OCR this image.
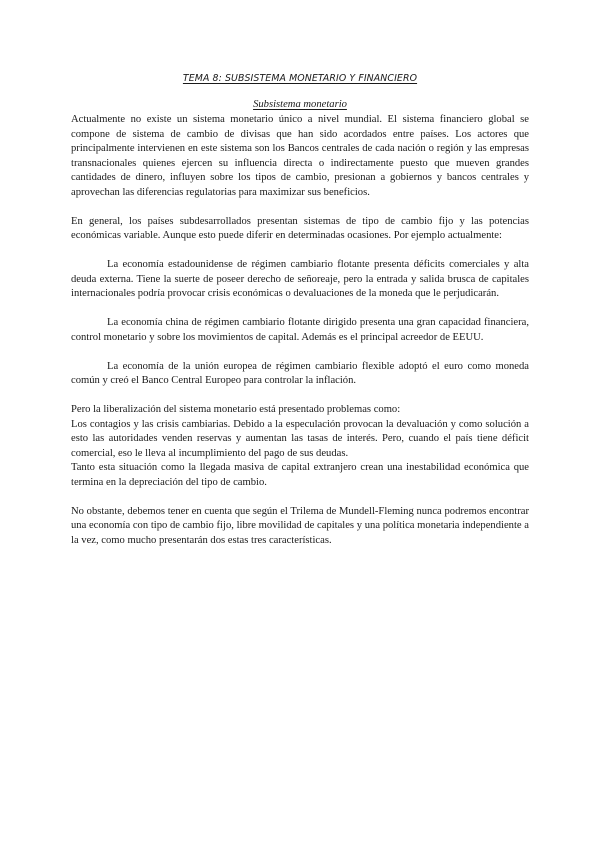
TEMA 8: SUBSISTEMA MONETARIO Y FINANCIERO
Subsistema monetario

Actualmente no existe un sistema monetario único a nivel mundial. El sistema financiero global se compone de sistema de cambio de divisas que han sido acordados entre países. Los actores que principalmente intervienen en este sistema son los Bancos centrales de cada nación o región y las empresas transnacionales quienes ejercen su influencia directa o indirectamente puesto que mueven grandes cantidades de dinero, influyen sobre los tipos de cambio, presionan a gobiernos y bancos centrales y aprovechan las diferencias regulatorias para maximizar sus beneficios.

En general, los países subdesarrollados presentan sistemas de tipo de cambio fijo y las potencias económicas variable. Aunque esto puede diferir en determinadas ocasiones. Por ejemplo actualmente:

La economía estadounidense de régimen cambiario flotante presenta déficits comerciales y alta deuda externa. Tiene la suerte de poseer derecho de señoreaje, pero la entrada y salida brusca de capitales internacionales podría provocar crisis económicas o devaluaciones de la moneda que le perjudicarán.

La economía china de régimen cambiario flotante dirigido presenta una gran capacidad financiera, control monetario y sobre los movimientos de capital. Además es el principal acreedor de EEUU.

La economía de la unión europea de régimen cambiario flexible adoptó el euro como moneda común y creó el Banco Central Europeo para controlar la inflación.

Pero la liberalización del sistema monetario está presentado problemas como:

Los contagios y las crisis cambiarias. Debido a la especulación provocan la devaluación y como solución a esto las autoridades venden reservas y aumentan las tasas de interés. Pero, cuando el país tiene déficit comercial, eso le lleva al incumplimiento del pago de sus deudas.

Tanto esta situación como la llegada masiva de capital extranjero crean una inestabilidad económica que termina en la depreciación del tipo de cambio.

No obstante, debemos tener en cuenta que según el Trilema de Mundell-Fleming nunca podremos encontrar una economía con tipo de cambio fijo, libre movilidad de capitales y una política monetaria independiente a la vez, como mucho presentarán dos estas tres características.
